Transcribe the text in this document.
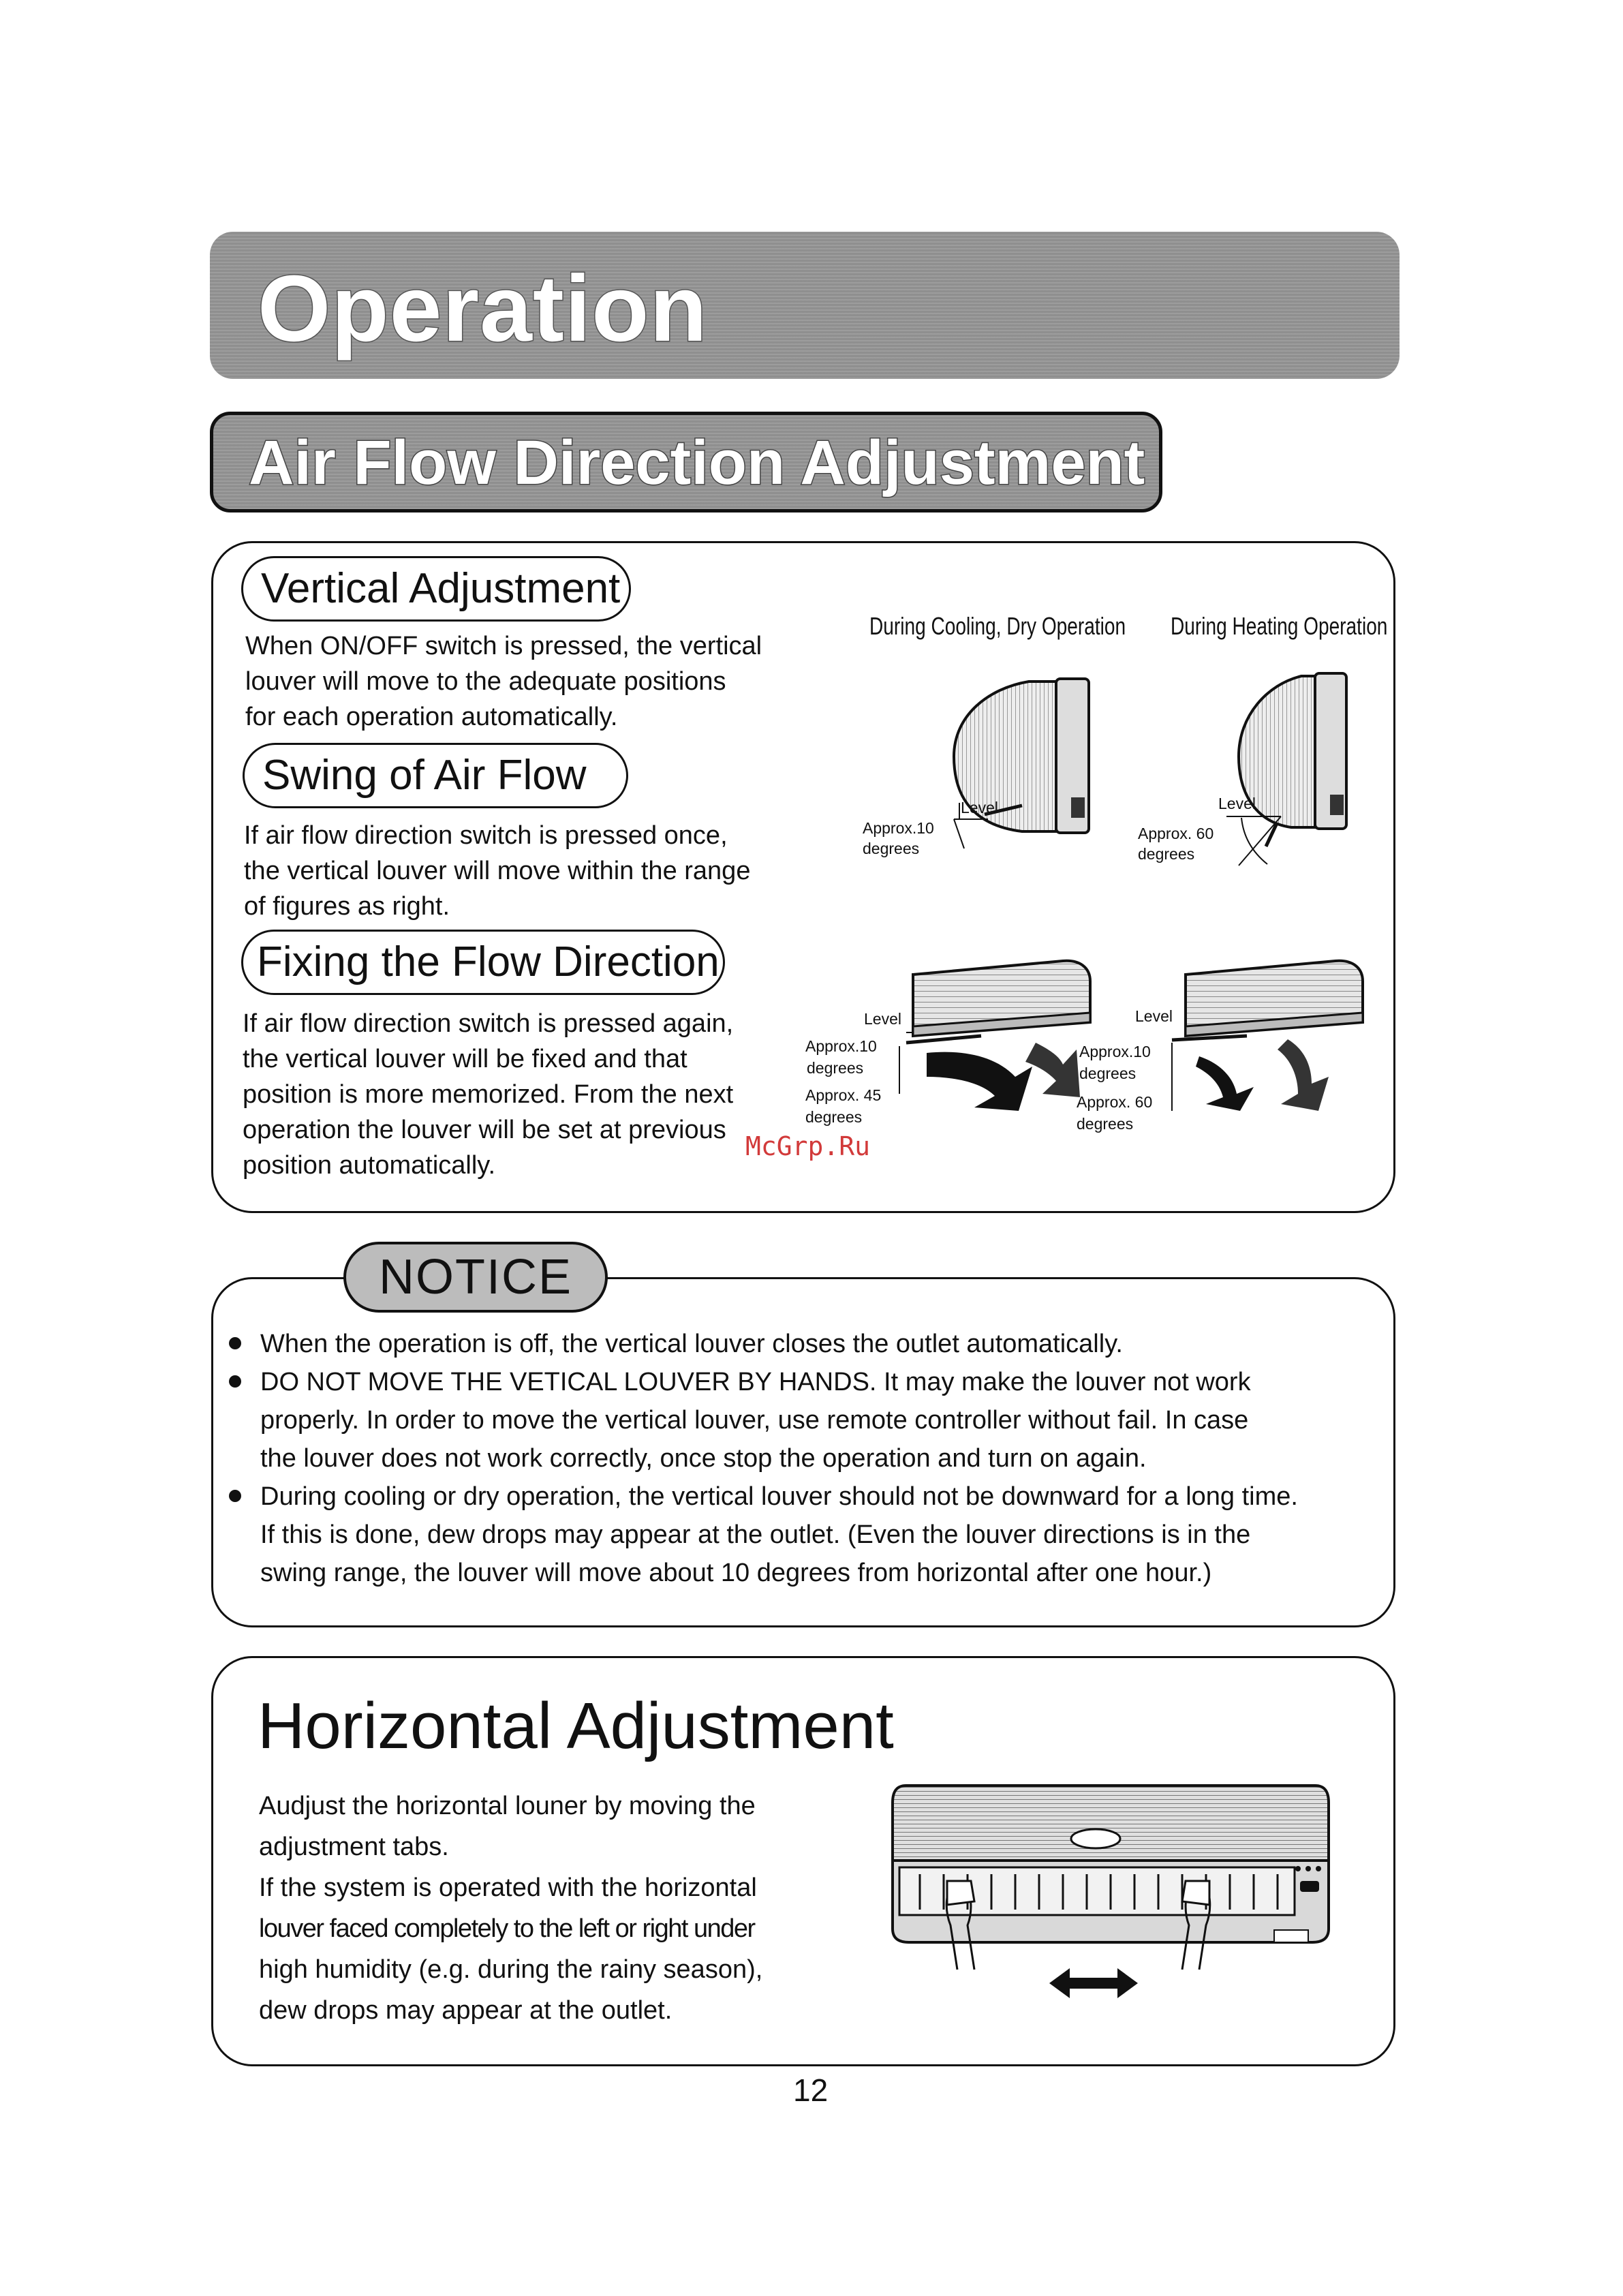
Operation
Air Flow Direction Adjustment
Vertical Adjustment
When ON/OFF switch is pressed, the vertical
louver will move to the adequate positions
for each operation automatically.
Swing of Air Flow
If air flow direction switch is pressed once,
the vertical louver will move within the range
of figures as right.
Fixing the Flow Direction
If air flow direction switch is pressed again,
the vertical louver will be fixed and that
position is more memorized. From the next
operation the louver will be set at previous
position automatically.
During Cooling, Dry Operation During Heating Operation
Level
Approx.10
degrees
Level
Approx. 60
degrees
Level
Approx.10
degrees
Approx. 45
degrees
Level
Approx.10
degrees
Approx. 60
degrees
McGrp.Ru
NOTICE
When the operation is off, the vertical louver closes the outlet automatically.
DO NOT MOVE THE VETICAL LOUVER BY HANDS. It may make the louver not work
properly. In order to move the vertical louver, use remote controller without fail. In case
the louver does not work correctly, once stop the operation and turn on again.
During cooling or dry operation, the vertical louver should not be downward for a long time.
If this is done, dew drops may appear at the outlet. (Even the louver directions is in the
swing range, the louver will move about 10 degrees from horizontal after one hour.)
Horizontal Adjustment
Audjust the horizontal louner by moving the
adjustment tabs.
If the system is operated with the horizontal
louver faced completely to the left or right under
high humidity (e.g. during the rainy season),
dew drops may appear at the outlet.
12
